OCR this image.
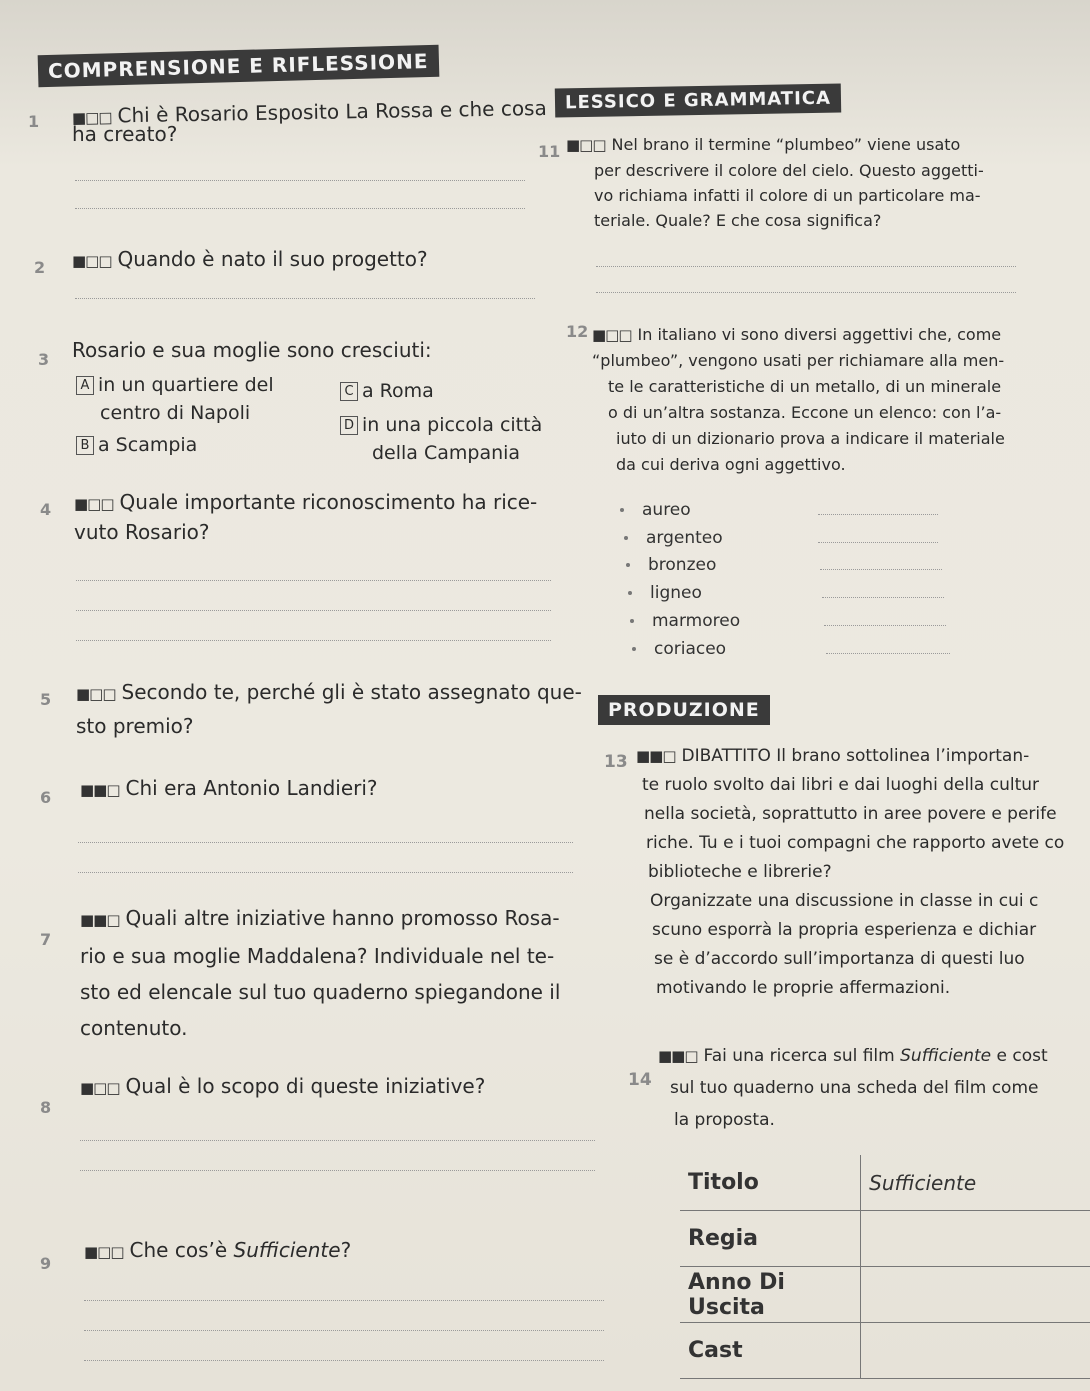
COMPRENSIONE E RIFLESSIONE
LESSICO E GRAMMATICA
PRODUZIONE
1 ■□□ Chi è Rosario Esposito La Rossa e che cosa
ha creato?
2 ■□□ Quando è nato il suo progetto?
3 Rosario e sua moglie sono cresciuti:
A in un quartiere del
centro di Napoli
B a Scampia
C a Roma
D in una piccola città
della Campania
4 ■□□ Quale importante riconoscimento ha rice-
vuto Rosario?
5 ■□□ Secondo te, perché gli è stato assegnato que-
sto premio?
6 ■■□ Chi era Antonio Landieri?
7
■■□ Quali altre iniziative hanno promosso Rosa-
rio e sua moglie Maddalena? Individuale nel te-
sto ed elencale sul tuo quaderno spiegandone il
contenuto.
8
■□□ Qual è lo scopo di queste iniziative?
9
■□□ Che cos’è Sufficiente?
11 ■□□ Nel brano il termine “plumbeo” viene usato
per descrivere il colore del cielo. Questo aggetti-
vo richiama infatti il colore di un particolare ma-
teriale. Quale? E che cosa significa?
12 ■□□ In italiano vi sono diversi aggettivi che, come
“plumbeo”, vengono usati per richiamare alla men-
te le caratteristiche di un metallo, di un minerale
o di un’altra sostanza. Eccone un elenco: con l’a-
iuto di un dizionario prova a indicare il materiale
da cui deriva ogni aggettivo.
aureo
argenteo
bronzeo
ligneo
marmoreo
coriaceo
13 ■■□ DIBATTITO Il brano sottolinea l’importan-
te ruolo svolto dai libri e dai luoghi della cultur
nella società, soprattutto in aree povere e perife
riche. Tu e i tuoi compagni che rapporto avete co
biblioteche e librerie?
Organizzate una discussione in classe in cui c
scuno esporrà la propria esperienza e dichiar
se è d’accordo sull’importanza di questi luo
motivando le proprie affermazioni.
14
■■□ Fai una ricerca sul film Sufficiente e cost
sul tuo quaderno una scheda del film come
la proposta.
Titolo	Sufficiente
Regia	
Anno Di Uscita	
Cast	
